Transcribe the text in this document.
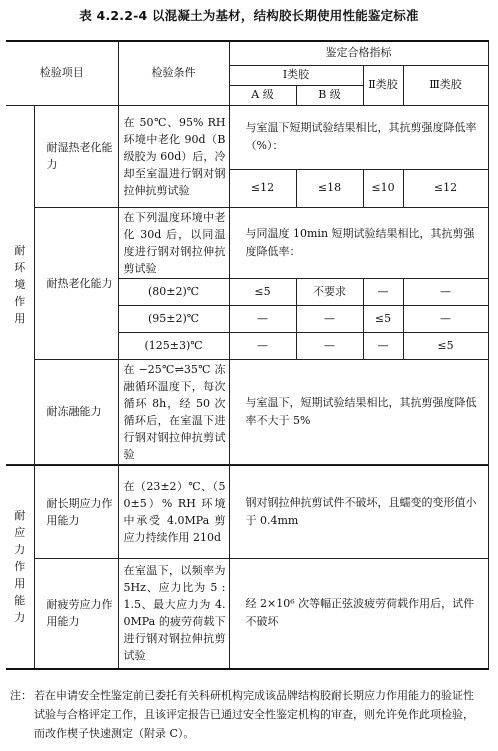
表 4.2.2-4 以混凝土为基材，结构胶长期使用性能鉴定标准
检验项目		检验条件	鉴定合格指标			
			Ⅰ类胶		Ⅱ类胶	Ⅲ类胶
			A 级	B 级		
耐环境作用	耐湿热老化能力	在 50℃、95% RH 环境中老化 90d（B 级胶为 60d）后，冷却至室温进行钢对钢拉伸抗剪试验	与室温下短期试验结果相比，其抗剪强度降低率（%）：			
			≤12	≤18	≤10	≤12
	耐热老化能力	在下列温度环境中老化 30d 后，以同温度进行钢对钢拉伸抗剪试验	与同温度 10min 短期试验结果相比，其抗剪强度降低率：			
		(80±2)℃	≤5	不要求	—	—
		(95±2)℃	—	—	≤5	—
		(125±3)℃	—	—	—	≤5
	耐冻融能力	在 −25℃⇌35℃ 冻融循环温度下，每次循环 8h，经 50 次循环后，在室温下进行钢对钢拉伸抗剪试验	与室温下，短期试验结果相比，其抗剪强度降低率不大于 5%			
耐应力作用能力	耐长期应力作用能力	在（23±2）℃、（50±5）% RH 环境中承受 4.0MPa 剪应力持续作用 210d	钢对钢拉伸抗剪试件不破坏，且蠕变的变形值小于 0.4mm
	耐疲劳应力作用能力	在室温下，以频率为 5Hz、应力比为 5 : 1.5、最大应力为 4.0MPa 的疲劳荷载下进行钢对钢拉伸抗剪试验	经 2×10⁶ 次等幅正弦波疲劳荷载作用后，试件不破坏
注： 若在申请安全性鉴定前已委托有关科研机构完成该品牌结构胶耐长期应力作用能力的验证性试验与合格评定工作，且该评定报告已通过安全性鉴定机构的审查，则允许免作此项检验，而改作楔子快速测定（附录 C）。
